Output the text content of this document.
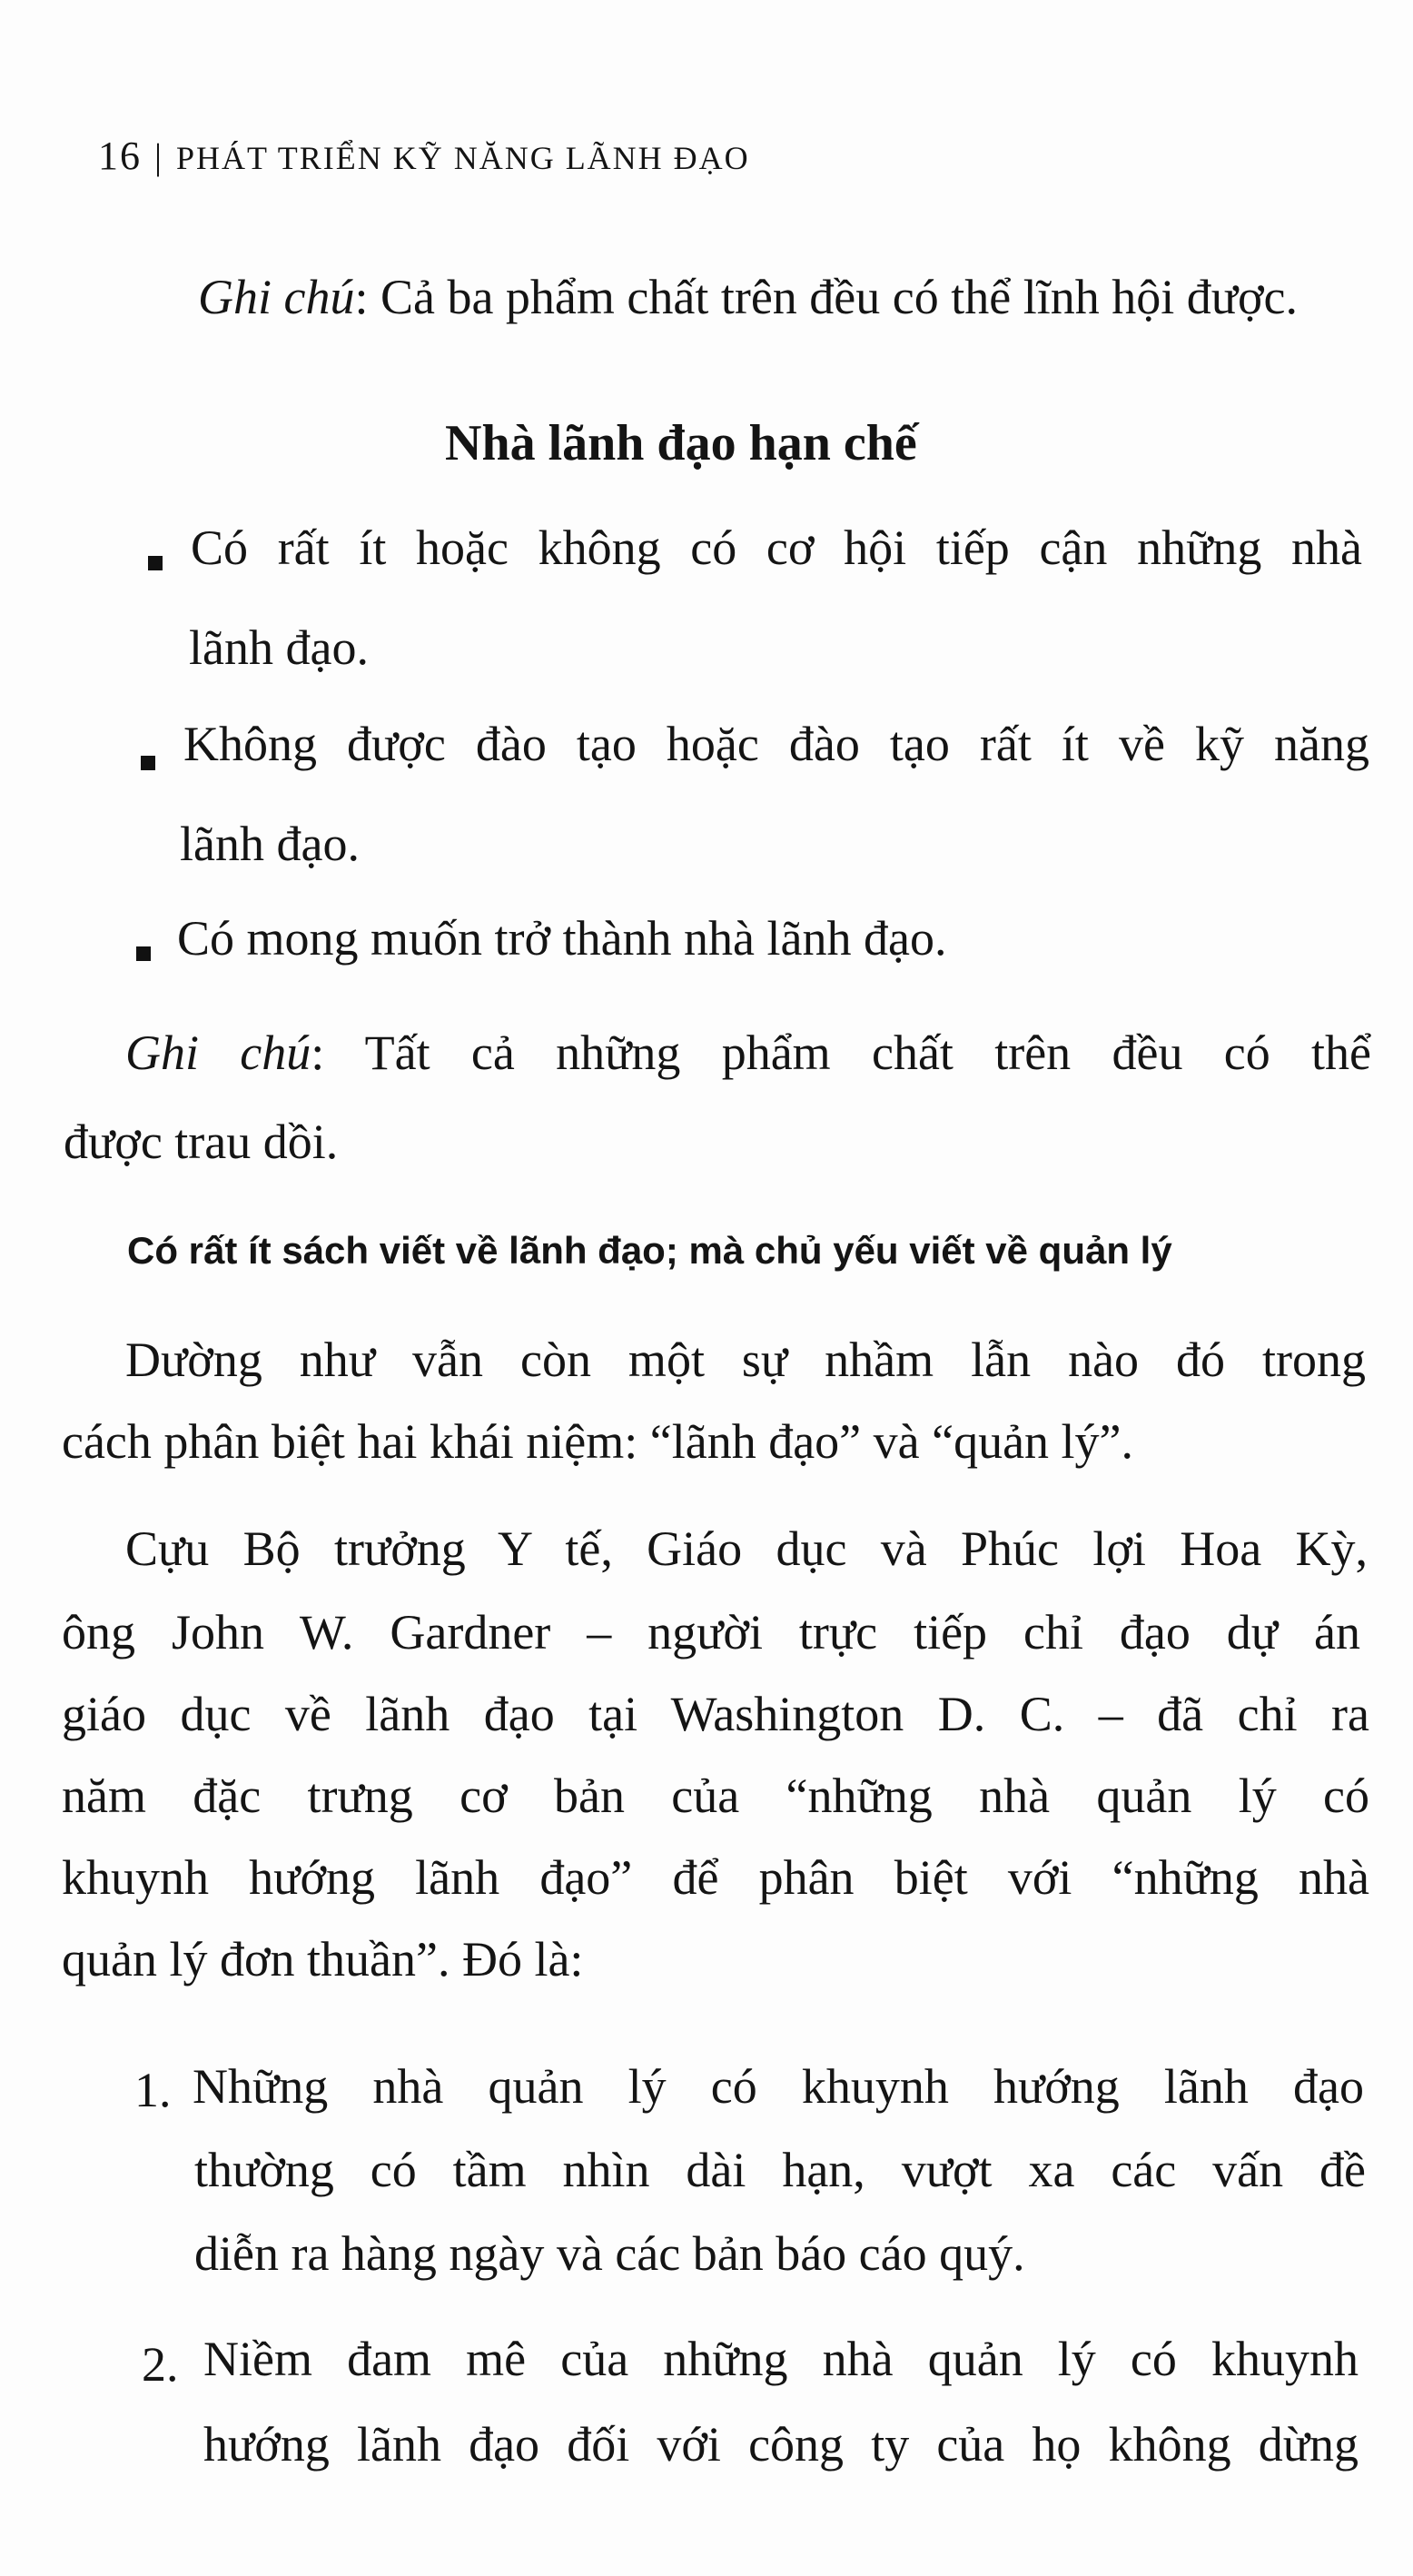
16 | PHÁT TRIỂN KỸ NĂNG LÃNH ĐẠO
Ghi chú: Cả ba phẩm chất trên đều có thể lĩnh hội được.
Nhà lãnh đạo hạn chế
Có rất ít hoặc không có cơ hội tiếp cận những nhà
lãnh đạo.
Không được đào tạo hoặc đào tạo rất ít về kỹ năng
lãnh đạo.
Có mong muốn trở thành nhà lãnh đạo.
Ghi chú: Tất cả những phẩm chất trên đều có thể
được trau dồi.
Có rất ít sách viết về lãnh đạo; mà chủ yếu viết về quản lý
Dường như vẫn còn một sự nhầm lẫn nào đó trong
cách phân biệt hai khái niệm: “lãnh đạo” và “quản lý”.
Cựu Bộ trưởng Y tế, Giáo dục và Phúc lợi Hoa Kỳ,
ông John W. Gardner – người trực tiếp chỉ đạo dự án
giáo dục về lãnh đạo tại Washington D. C. – đã chỉ ra
năm đặc trưng cơ bản của “những nhà quản lý có
khuynh hướng lãnh đạo” để phân biệt với “những nhà
quản lý đơn thuần”. Đó là:
1. Những nhà quản lý có khuynh hướng lãnh đạo
thường có tầm nhìn dài hạn, vượt xa các vấn đề
diễn ra hàng ngày và các bản báo cáo quý.
2. Niềm đam mê của những nhà quản lý có khuynh
hướng lãnh đạo đối với công ty của họ không dừng
